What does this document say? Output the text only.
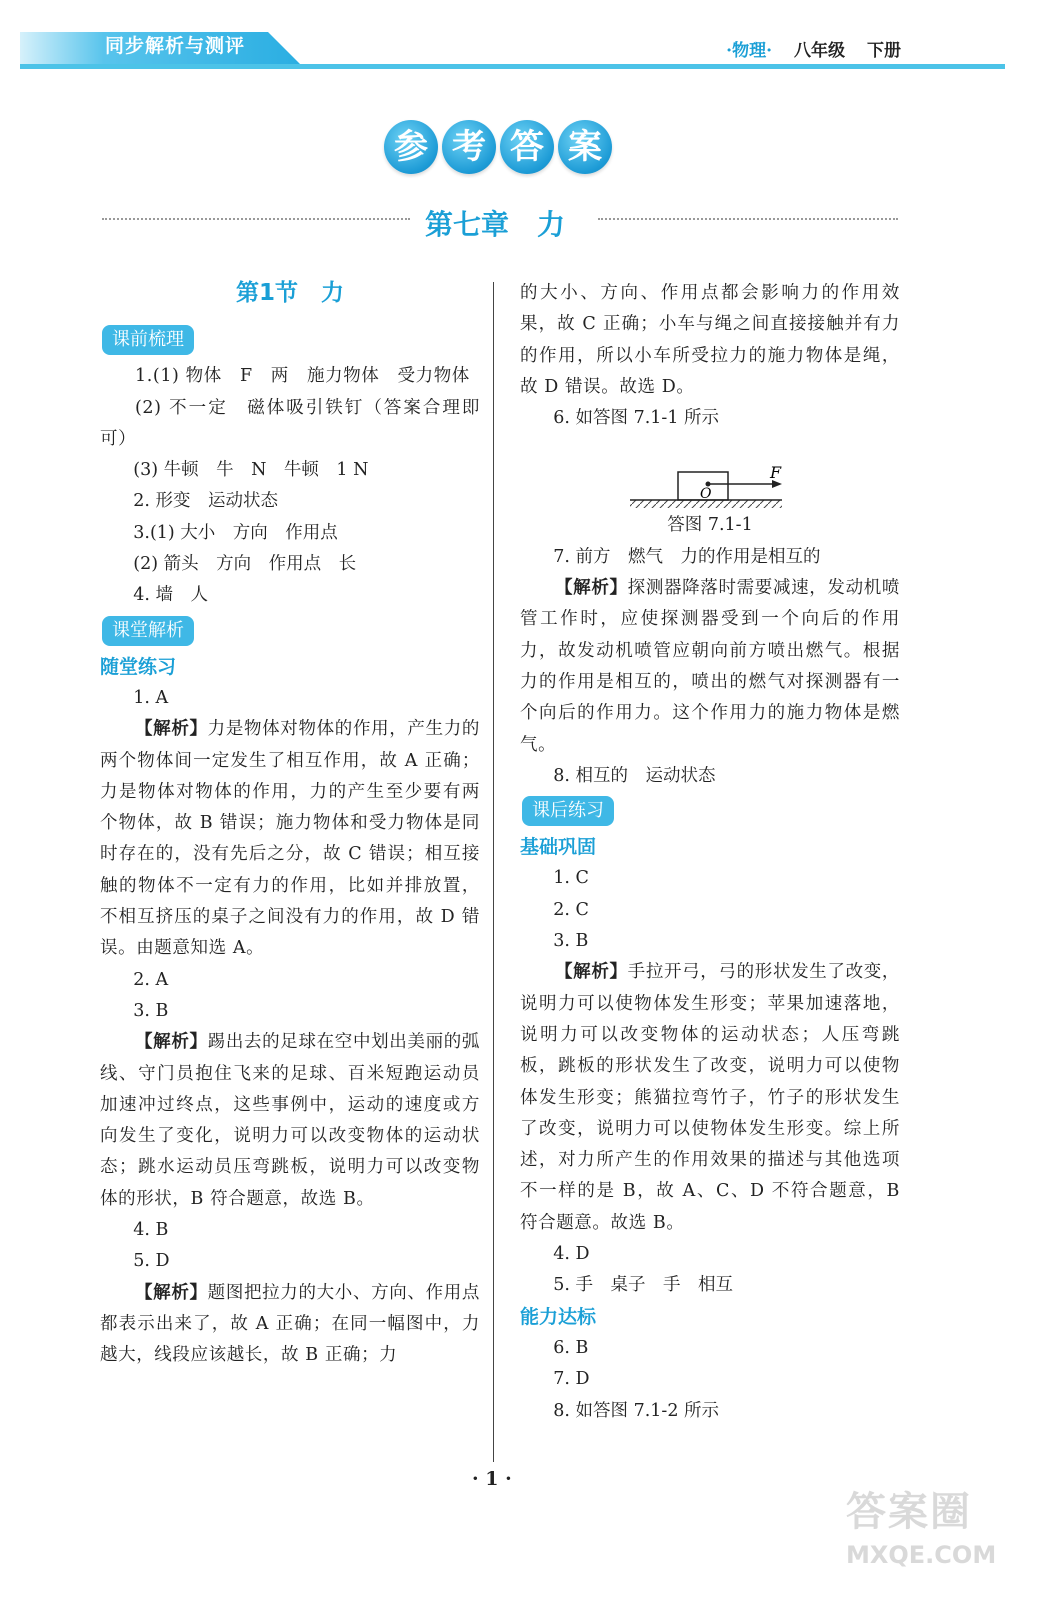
同步解析与测评	·物理· 八年级 下册
参 考 答 案
第七章　力

第1节　力

课前梳理

1.(1) 物体　F　两　施力物体　受力物体

(2) 不一定　磁体吸引铁钉（答案合理即可）

(3) 牛顿　牛　N　牛顿　1 N

2. 形变　运动状态

3.(1) 大小　方向　作用点

(2) 箭头　方向　作用点　长

4. 墙　人

课堂解析

随堂练习

1. A

【解析】力是物体对物体的作用，产生力的两个物体间一定发生了相互作用，故 A 正确；力是物体对物体的作用，力的产生至少要有两个物体，故 B 错误；施力物体和受力物体是同时存在的，没有先后之分，故 C 错误；相互接触的物体不一定有力的作用，比如并排放置，不相互挤压的桌子之间没有力的作用，故 D 错误。由题意知选 A。

2. A

3. B

【解析】踢出去的足球在空中划出美丽的弧线、守门员抱住飞来的足球、百米短跑运动员加速冲过终点，这些事例中，运动的速度或方向发生了变化，说明力可以改变物体的运动状态；跳水运动员压弯跳板，说明力可以改变物体的形状，B 符合题意，故选 B。

4. B

5. D

【解析】题图把拉力的大小、方向、作用点都表示出来了，故 A 正确；在同一幅图中，力越大，线段应该越长，故 B 正确；力

的大小、方向、作用点都会影响力的作用效果，故 C 正确；小车与绳之间直接接触并有力的作用，所以小车所受拉力的施力物体是绳，故 D 错误。故选 D。

6. 如答图 7.1-1 所示

F
O

答图 7.1-1

7. 前方　燃气　力的作用是相互的

【解析】探测器降落时需要减速，发动机喷管工作时，应使探测器受到一个向后的作用力，故发动机喷管应朝向前方喷出燃气。根据力的作用是相互的，喷出的燃气对探测器有一个向后的作用力。这个作用力的施力物体是燃气。

8. 相互的　运动状态

课后练习

基础巩固

1. C

2. C

3. B

【解析】手拉开弓，弓的形状发生了改变，说明力可以使物体发生形变；苹果加速落地，说明力可以改变物体的运动状态；人压弯跳板，跳板的形状发生了改变，说明力可以使物体发生形变；熊猫拉弯竹子，竹子的形状发生了改变，说明力可以使物体发生形变。综上所述，对力所产生的作用效果的描述与其他选项不一样的是 B，故 A、C、D 不符合题意，B 符合题意。故选 B。

4. D

5. 手　桌子　手　相互

能力达标

6. B

7. D

8. 如答图 7.1-2 所示

· 1 ·
答案圈
MXQE.COM
